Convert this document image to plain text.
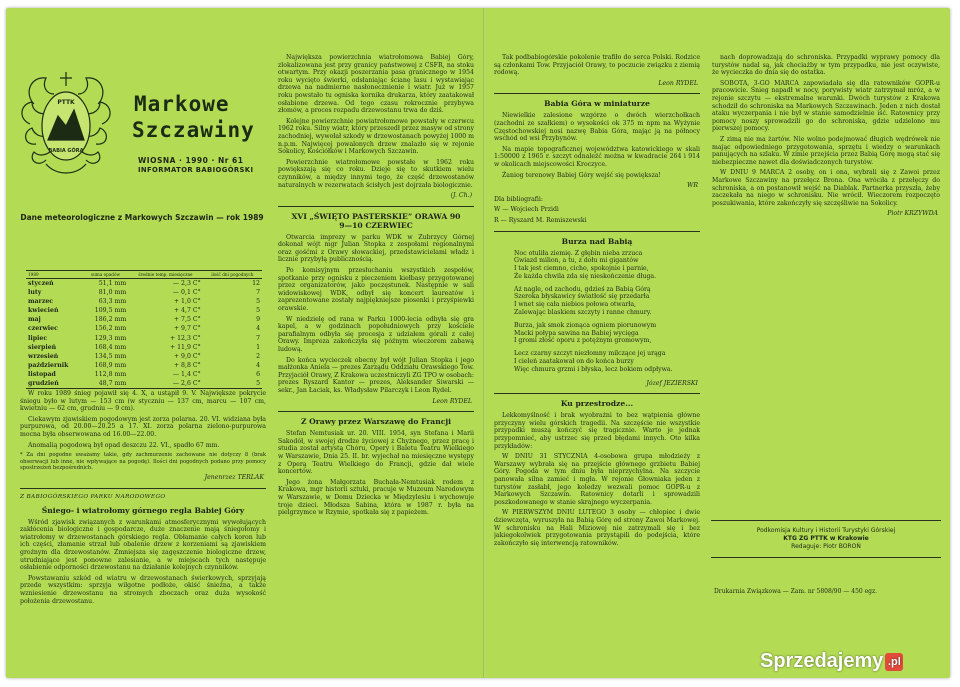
PTTK
BABIA GÓRA
Markowe
Szczawiny
WIOSNA · 1990 · Nr 61
INFORMATOR BABIOGÓRSKI
Dane meteorologiczne z Markowych Szczawin — rok 1989
1989	suma opadów	średnie temp. miesięczne	ilość dni pogodnych
styczeń	51,1 mm	— 2,3 C°	12
luty	81,0 mm	— 0,1 C°	7
marzec	63,3 mm	+ 1,0 C°	5
kwiecień	109,5 mm	+ 4,7 C°	5
maj	186,2 mm	+ 7,5 C°	9
czerwiec	156,2 mm	+ 9,7 C°	4
lipiec	129,3 mm	+ 12,3 C°	7
sierpień	168,4 mm	+ 11,9 C°	1
wrzesień	134,5 mm	+ 9,0 C°	2
październik	168,9 mm	+ 8,8 C°	4
listopad	112,8 mm	— 1,4 C°	6
grudzień	48,7 mm	— 2,6 C°	5

W roku 1989 śnieg pojawił się 4. X, a ustąpił 9. V. Największe pokrycie śniegu było w lutym — 153 cm (w styczniu — 137 cm, marcu — 107 cm, kwietniu — 62 cm, grudniu — 9 cm).

Ciekawym zjawiskiem pogodowym jest zorza polarna. 20. VI. widziana była purpurowa, od 20.00—20.25 a 17. XI. zorza polarna zielono-purpurowa mocna była obserwowana od 16.00—22.00.

Anomalią pogodową był opad deszczu 22. VI., spadło 67 mm.

* Za dni pogodne uważamy takie, gdy zachmurzenie zachowane nie dotyczy 8 (brak obserwacji lub inne, nie wpływające na pogodę). Ilości dni pogodnych podano przy pomocy spostrzeżeń bezpośrednich.

Jenenrzez TERLAK
Z BABIOGÓRSKIEGO PARKU NARODOWEGO
Śniego- i wiatrołomy górnego regla Babiej Góry

Wśród zjawisk związanych z warunkami atmosferycznymi wywołujących zakłócenia biologiczne i gospodarcze, duże znaczenie mają śniegołomy i wiatrołomy w drzewostanach górskiego regla. Obłamanie całych koron lub ich części, złamanie strzał lub obalenie drzew z korzeniami są zjawiskiem groźnym dla drzewostanów. Zmniejsza się zagęszczenie biologiczne drzew, utrudniające jest ponowne zalesianie, a w miejscach tych następuje osłabienie odporności drzewostanu na działanie kolejnych czynników.

Powstawaniu szkód od wiatru w drzewostanach świerkowych, sprzyjają przede wszystkim: sprzyja wilgotne podłoże, okiść śnieżna, a także wzniesienie drzewostanu na stromych zboczach oraz duża wysokość położenia drzewostanu.

Największa powierzchnia wiatrołomowa Babiej Góry, zlokalizowana jest przy granicy państwowej z CSFR, na stoku otwartym. Przy okazji poszerzania pasa granicznego w 1954 roku wycięto świerki, odsłaniając ścianę lasu i wystawiając drzewa na nadmierne nasłonecznienie i wiatr. Już w 1957 roku powstało tu ogniska kornika drukarza, który zaatakował osłabione drzewa. Od tego czasu rokrocznie przybywa złomów, a proces rozpadu drzewostanu trwa do dziś.

Kolejne powierzchnie powiatrołomowe powstały w czerwcu 1962 roku. Silny wiatr, który przeszedł przez masyw od strony zachodniej, wywołał szkody w drzewostanach powyżej 1000 m n.p.m. Najwięcej powalonych drzew znalazło się w rejonie Sokolicy, Kościółków i Markowych Szczawin.

Powierzchnie wiatrołomowe powstałe w 1962 roku powiększają się co roku. Dzieje się to skutkiem wielu czynników, a między innymi tego, że część drzewostanów naturalnych w rezerwatach ścisłych jest dojrzała biologicznie.

(J. Ch.)
XVI „ŚWIĘTO PASTERSKIE” ORAWA 90
9—10 CZERWIEC

Otwarcia imprezy w parku WDK w Zubrzycy Górnej dokonał wójt mgr Julian Stopka z zespołami regionalnymi oraz gośćmi z Orawy słowackiej, przedstawicielami władz i licznie przybyłą publicznością.

Po komisyjnym przesłuchaniu wszystkich zespołów, spotkanie przy ognisku z pieczeniem kiełbasy przygotowanej przez organizatorów, jako poczęstunek. Następnie w sali widowiskowej WDK, odbył się koncert laureatów i zaprezentowane zostały najpiękniejsze piosenki i przyśpiewki orawskie.

W niedzielę od rana w Parku 1000-lecia odbyła się gra kapel, a w godzinach popołudniowych przy kościele parafialnym odbyła się procesja z udziałem górali z całej Orawy. Impreza zakończyła się późnym wieczorem zabawą ludową.

Do końca wycieczek obecny był wójt Julian Stopka i jego małżonka Aniela — prezes Zarządu Oddziału Orawskiego Tow. Przyjaciół Orawy, Z Krakowa uczestniczyli ZG TPO w osobach: prezes Ryszard Kantor — prezes, Aleksander Siwarski — sekr., Jan Łaciak, ks. Władysław Pilarczyk i Leon Rydel.

Leon RYDEL
Z Orawy przez Warszawę do Francji

Stefan Nemtusiak ur. 20. VIII. 1954, syn Stefana i Marii Sakodół, w swojej drodze życiowej z Chyżnego, przez pracę i studia został artystą Chóru, Opery i Baletu Teatru Wielkiego w Warszawie, Dnia 25. II. br. wyjechał na miesięczne występy z Operą Teatru Wielkiego do Francji, gdzie dał wiele koncertów.

Jego żona Małgorzata Buchała-Nemtusiak rodem z Krakowa, mgr historii sztuki, pracuje w Muzeum Narodowym w Warszawie, w Domu Dziecka w Międzylesiu i wychowuje troje dzieci. Młodsza Sabina, która w 1987 r. była na pielgrzymce w Rzymie, spotkała się z papieżem.

Tak podbabiogórskie pokolenie trafiło do serca Polski. Rodzice są członkami Tow. Przyjaciół Orawy, to poczucie związku z ziemią rodową.

Leon RYDEL
Babia Góra w miniaturze

Niewielkie zalesione wzgórze o dwóch wierzchołkach (zachodni ze szałkiem) o wysokości ok 375 m npm na Wyżynie Częstochowskiej nosi nazwę Babia Góra, mając ją na północy wschód od wsi Przybynów.

Na mapie topograficznej województwa katowickiego w skali 1:50000 z 1965 r. szczyt odnaleźć można w kwadracie 264 i 914 w okolicach miejscowości Kroczyce.

Żaniog terenowy Babiej Góry wejść się powiększa!

WR

Dla bibliografii:

W — Wojciech Przidi

R — Ryszard M. Remiszewski

Burza nad Babią
Noc otuliła ziemię. Z głębin nieba zrzuca
Gwiazd milion, a tu, z dołu mi gigantów
I tak jest ciemno, cicho, spokojnie i parnie,
Że każda chwila zda się nieskończenie długa.
Aż nagle, od zachodu, gdzieś za Babią Górą
Szeroka błyskawicy światłość się przedarła
I wnet się cała niebios połowa otwarła,
Zalewając blaskiem szczyty i ranne chmury.
Burza, jak smok zionąca ogniem piorunowym
Macki połypa sawina na Babiej wycięga
I gromi złość oporu z potężnym gromowym,
Lecz czarny szczyt niezłomny milczące jej urąga
I cieleń zaatakował on do końca burzy
Więc chmura grzmi i błyska, lecz bokiem odpływa.
Józef JEZIERSKI
Ku przestrodze...

Lekkomyślność i brak wyobraźni to bez wątpienia główne przyczyny wielu górskich tragedii. Na szczęście nie wszystkie przypadki muszą kończyć się tragicznie. Warto je jednak przypomnieć, aby ustrzec się przed błędami innych. Oto kilka przykładów:

W DNIU 31 STYCZNIA 4-osobowa grupa młodzieży z Warszawy wybrała się na przejście głównego grzbietu Babiej Góry. Pogoda w tym dniu była nieprzychylna. Na szczycie panowała silna zamieć i mgła. W rejonie Głowniaka jeden z turystów zasłabł, jego koledzy wezwali pomoc GOPR-u z Markowych Szczawin. Ratownicy dotarli i sprowadzili poszkodowanego w stanie skrajnego wyczerpania.

W PIERWSZYM DNIU LUTEGO 3 osoby — chłopiec i dwie dziewczęta, wyruszyła na Babią Górę od strony Zawoi Markowej. W schronisku na Hali Miziowej nie zatrzymali się i bez jakiegokolwiek przygotowania przystąpili do podejścia, które zakończyło się interwencją ratowników.

nach doprowadzają do schroniska. Przypadki wyprawy pomocy dla turystów nadal są, jak chociażby w tym przypadku, nie jest oczywiste, że wycieczka do dnia się do ostatka.

SOBOTA, 3-GO MARCA zapowiadała się dla ratowników GOPR-u pracowicie. Śnieg napadł w nocy, porywisty wiatr zatrzymał mróz, a w rejonie szczytu — ekstremalne warunki. Dwóch turystów z Krakowa schodził do schroniska na Markowych Szczawinach. Jeden z nich dostał ataku wyczerpania i nie był w stanie samodzielnie iść. Ratownicy przy pomocy noszy sprowadzili go do schroniska, gdzie udzielono mu pierwszej pomocy.

Z zimą nie ma żartów. Nie wolno podejmować długich wędrówek nie mając odpowiedniego przygotowania, sprzętu i wiedzy o warunkach panujących na szlaku. W zimie przejścia przez Babią Górę mogą stać się niebezpieczne nawet dla doświadczonych turystów.

W DNIU 9 MARCA 2 osoby, on i ona, wybrali się z Zawoi przez Markowe Szczawiny na przełęcz Brona. Ona wróciła z przełęczy do schroniska, a on postanowił wejść na Diablak. Partnerka przyszła, żeby zaczekała na niego w schronisku. Nie wrócił. Wieczorem rozpoczęto poszukiwania, które zakończyły się szczęśliwie na Sokolicy.

Piotr KRZYWDA
Podkomisja Kultury i Historii Turystyki Górskiej
KTG ZG PTTK w Krakowie
Redaguje: Piotr BOROŃ
Drukarnia Związkowa — Zam. nr 5808/90 — 450 egz.
Sprzedajemy .pl
